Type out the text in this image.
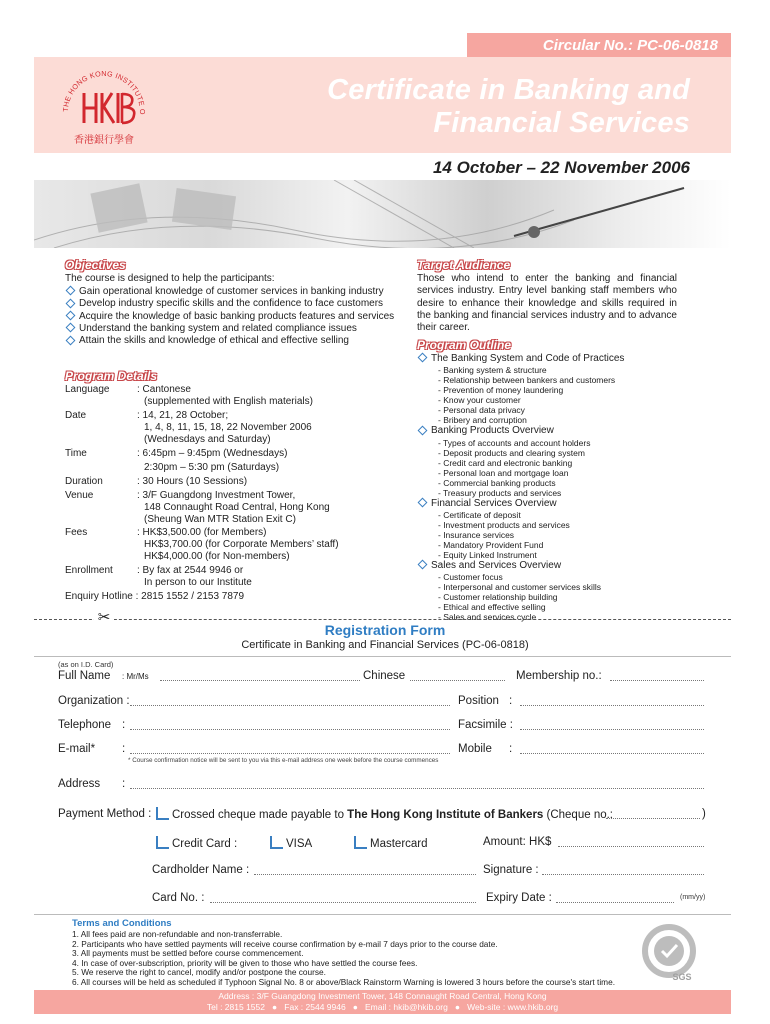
Circular No.: PC-06-0818
THE HONG KONG INSTITUTE O
香港銀行學會
Certificate in Banking and
Financial Services
14 October – 22 November 2006
Objectives
The course is designed to help the participants:
Gain operational knowledge of customer services in banking industry
Develop industry specific skills and the confidence to face customers
Acquire the knowledge of basic banking products features and services
Understand the banking system and related compliance issues
Attain the skills and knowledge of ethical and effective selling
Program Details
Language	: Cantonese
(supplemented with English materials)
Date	: 14, 21, 28 October;
1, 4, 8, 11, 15, 18, 22 November 2006
(Wednesdays and Saturday)
Time	: 6:45pm – 9:45pm (Wednesdays)
2:30pm – 5:30 pm (Saturdays)
Duration	: 30 Hours (10 Sessions)
Venue	: 3/F Guangdong Investment Tower,
148 Connaught Road Central, Hong Kong
(Sheung Wan MTR Station Exit C)
Fees	: HK$3,500.00 (for Members)
HK$3,700.00 (for Corporate Members’ staff)
HK$4,000.00 (for Non-members)
Enrollment : By fax at 2544 9946 or
In person to our Institute
Enquiry Hotline : 2815 1552 / 2153 7879
Target Audience
Those who intend to enter the banking and financial services industry. Entry level banking staff members who desire to enhance their knowledge and skills required in the banking and financial services industry and to advance their career.
Program Outline
The Banking System and Code of Practices
- Banking system & structure
- Relationship between bankers and customers
- Prevention of money laundering
- Know your customer
- Personal data privacy
- Bribery and corruption
Banking Products Overview
- Types of accounts and account holders
- Deposit products and clearing system
- Credit card and electronic banking
- Personal loan and mortgage loan
- Commercial banking products
- Treasury products and services
Financial Services Overview
- Certificate of deposit
- Investment products and services
- Insurance services
- Mandatory Provident Fund
- Equity Linked Instrument
Sales and Services Overview
- Customer focus
- Interpersonal and customer services skills
- Customer relationship building
- Ethical and effective selling
- Sales and services cycle
✂
Registration Form
Certificate in Banking and Financial Services (PC-06-0818)
(as on I.D. Card)
Full Name : Mr/Ms	Chinese	Membership no.:
Organization :	Position :
Telephone :	Facsimile :
E-mail* :	Mobile :
* Course confirmation notice will be sent to you via this e-mail address one week before the course commences
Address :
Payment Method :	Crossed cheque made payable to The Hong Kong Institute of Bankers (Cheque no.:	)
Credit Card :	VISA	Mastercard	Amount: HK$
Cardholder Name :	Signature :
Card No. :	Expiry Date :	(mm/yy)
Terms and Conditions
1. All fees paid are non-refundable and non-transferrable.
2. Participants who have settled payments will receive course confirmation by e-mail 7 days prior to the course date.
3. All payments must be settled before course commencement.
4. In case of over-subscription, priority will be given to those who have settled the course fees.
5. We reserve the right to cancel, modify and/or postpone the course.
6. All courses will be held as scheduled if Typhoon Signal No. 8 or above/Black Rainstorm Warning is lowered 3 hours before the course's start time.	SGS
Address : 3/F Guangdong Investment Tower, 148 Connaught Road Central, Hong Kong
Tel : 2815 1552   ●   Fax : 2544 9946   ●   Email : hkib@hkib.org   ●   Web-site : www.hkib.org
